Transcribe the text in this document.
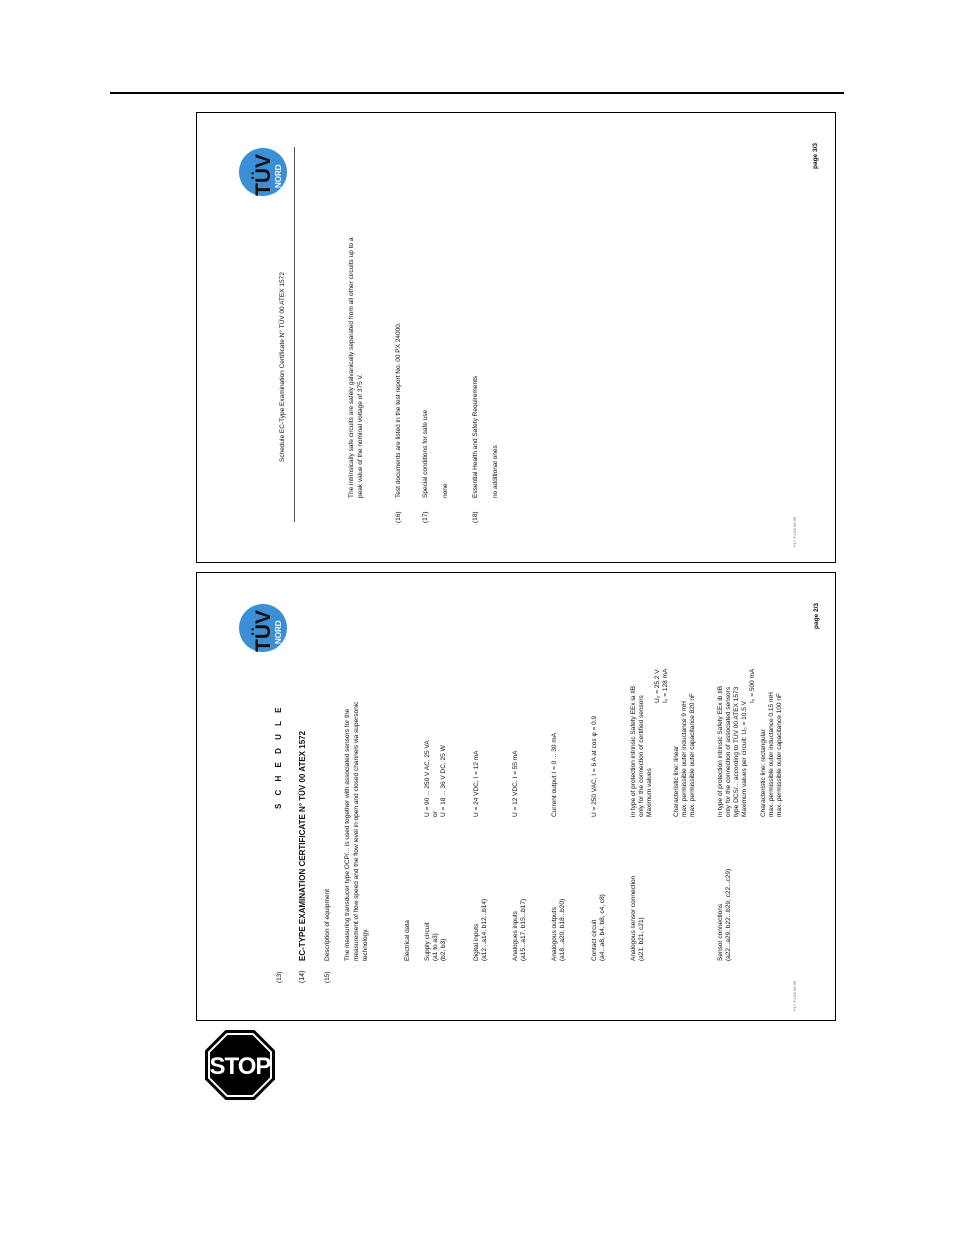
TÜV NORD
Schedule EC-Type Examination Certificate N° TÜV 00 ATEX 1572	The intrinsically safe circuits are safely galvanically separated from all other circuits up to a peak value of the nominal voltage of 375 V.
(16)
Test documents are listed in the test report No. 00 PX 24000.
(17)
Special conditions for safe use none
(18)
Essential Health and Safety Requirements no additional ones
page 3/3
P17-F-016 06-06
TÜV NORD
(13)
S C H E D U L E
(14)
EC-TYPE EXAMINATION CERTIFICATE N° TÜV 00 ATEX 1572
(15)
Description of equipment The measuring transducer type OCP/... is used together with associated sensors for the measurement of flow speed and the flow level in open and closed channels via supersonic technology.	Electrical data Supply circuit (a1 to a3) (b2, b3)
U = 90 ... 250 V AC, 25 VA or U = 18 ... 36 V DC, 25 W
Digital inputs (a12...a14, b12...b14)
U = 24 VDC, I = 12 mA
Analogues inputs (a15...a17, b15...b17)
U = 12 VDC, I = 55 mA
Analogous outputs (a18...a20, b18...b20)
Current output I = 0 ... 30 mA
Contact circuit (a4...a8, b4, b8, c4, c8)
U = 250 VAC, I = 6 A at cos φ = 0.9
Analogous sensor connection (a21, b21, c21)
in type of protection intrinsic Safety EEx ia IIB only for the connection of certified sensors Maximum values
U₀ = 25.2 V I₀ = 128 mA
Characteristic line: linear max. permissible outer inductance 9 mH max. permissible outer capacitance 820 nF
Sensor connections (a22...a29, b22...b29, c22...c29)
in type of protection intrinsic Safety EEx ib IIB only for the connection of associated sensors type DCS/... according to TÜV 00 ATEX 1573 Maximum values per circuit: U₀ = 10.5 V
I₀ = 500 mA
Characteristic line: rectangular max. permissible outer inductance 0.15 mH max. permissible outer capacitance 100 nF
page 2/3
P17-F-016 06-06
STOP
